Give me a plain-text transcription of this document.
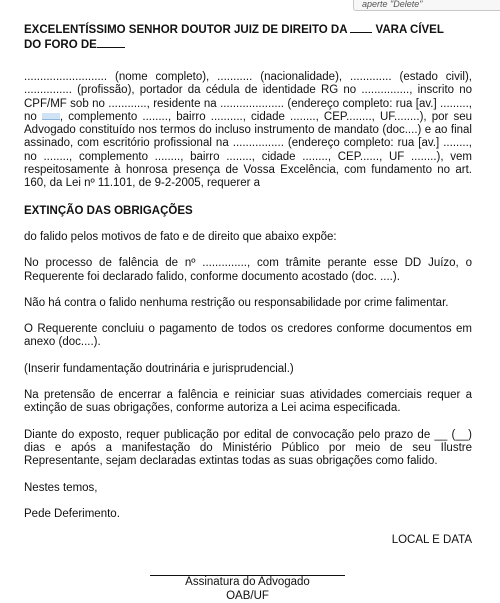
aperte "Delete"
EXCELENTÍSSIMO SENHOR DOUTOR JUIZ DE DIREITO DA VARA CÍVEL
DO FORO DE

.......................... (nome completo), ........... (nacionalidade), ............. (estado civil), ............... (profissão), portador da cédula de identidade RG no ..............., inscrito no CPF/MF sob no ............, residente na .................... (endereço completo: rua [av.] ........., no , complemento ........, bairro .........., cidade ........, CEP........, UF........), por seu Advogado constituído nos termos do incluso instrumento de mandato (doc....) e ao final assinado, com escritório profissional na ................ (endereço completo: rua [av.] ........, no ........, complemento ........, bairro ........, cidade ........, CEP......, UF ........), vem respeitosamente à honrosa presença de Vossa Excelência, com fundamento no art. 160, da Lei nº 11.101, de 9-2-2005, requerer a

EXTINÇÃO DAS OBRIGAÇÕES

do falido pelos motivos de fato e de direito que abaixo expõe:

No processo de falência de nº .............., com trâmite perante esse DD Juízo, o Requerente foi declarado falido, conforme documento acostado (doc. ....).

Não há contra o falido nenhuma restrição ou responsabilidade por crime falimentar.

O Requerente concluiu o pagamento de todos os credores conforme documentos em anexo (doc....).

(Inserir fundamentação doutrinária e jurisprudencial.)

Na pretensão de encerrar a falência e reiniciar suas atividades comerciais requer a extinção de suas obrigações, conforme autoriza a Lei acima especificada.

Diante do exposto, requer publicação por edital de convocação pelo prazo de __ (__) dias e após a manifestação do Ministério Público por meio de seu Ilustre Representante, sejam declaradas extintas todas as suas obrigações como falido.

Nestes temos,

Pede Deferimento.

LOCAL E DATA

Assinatura do Advogado

OAB/UF
